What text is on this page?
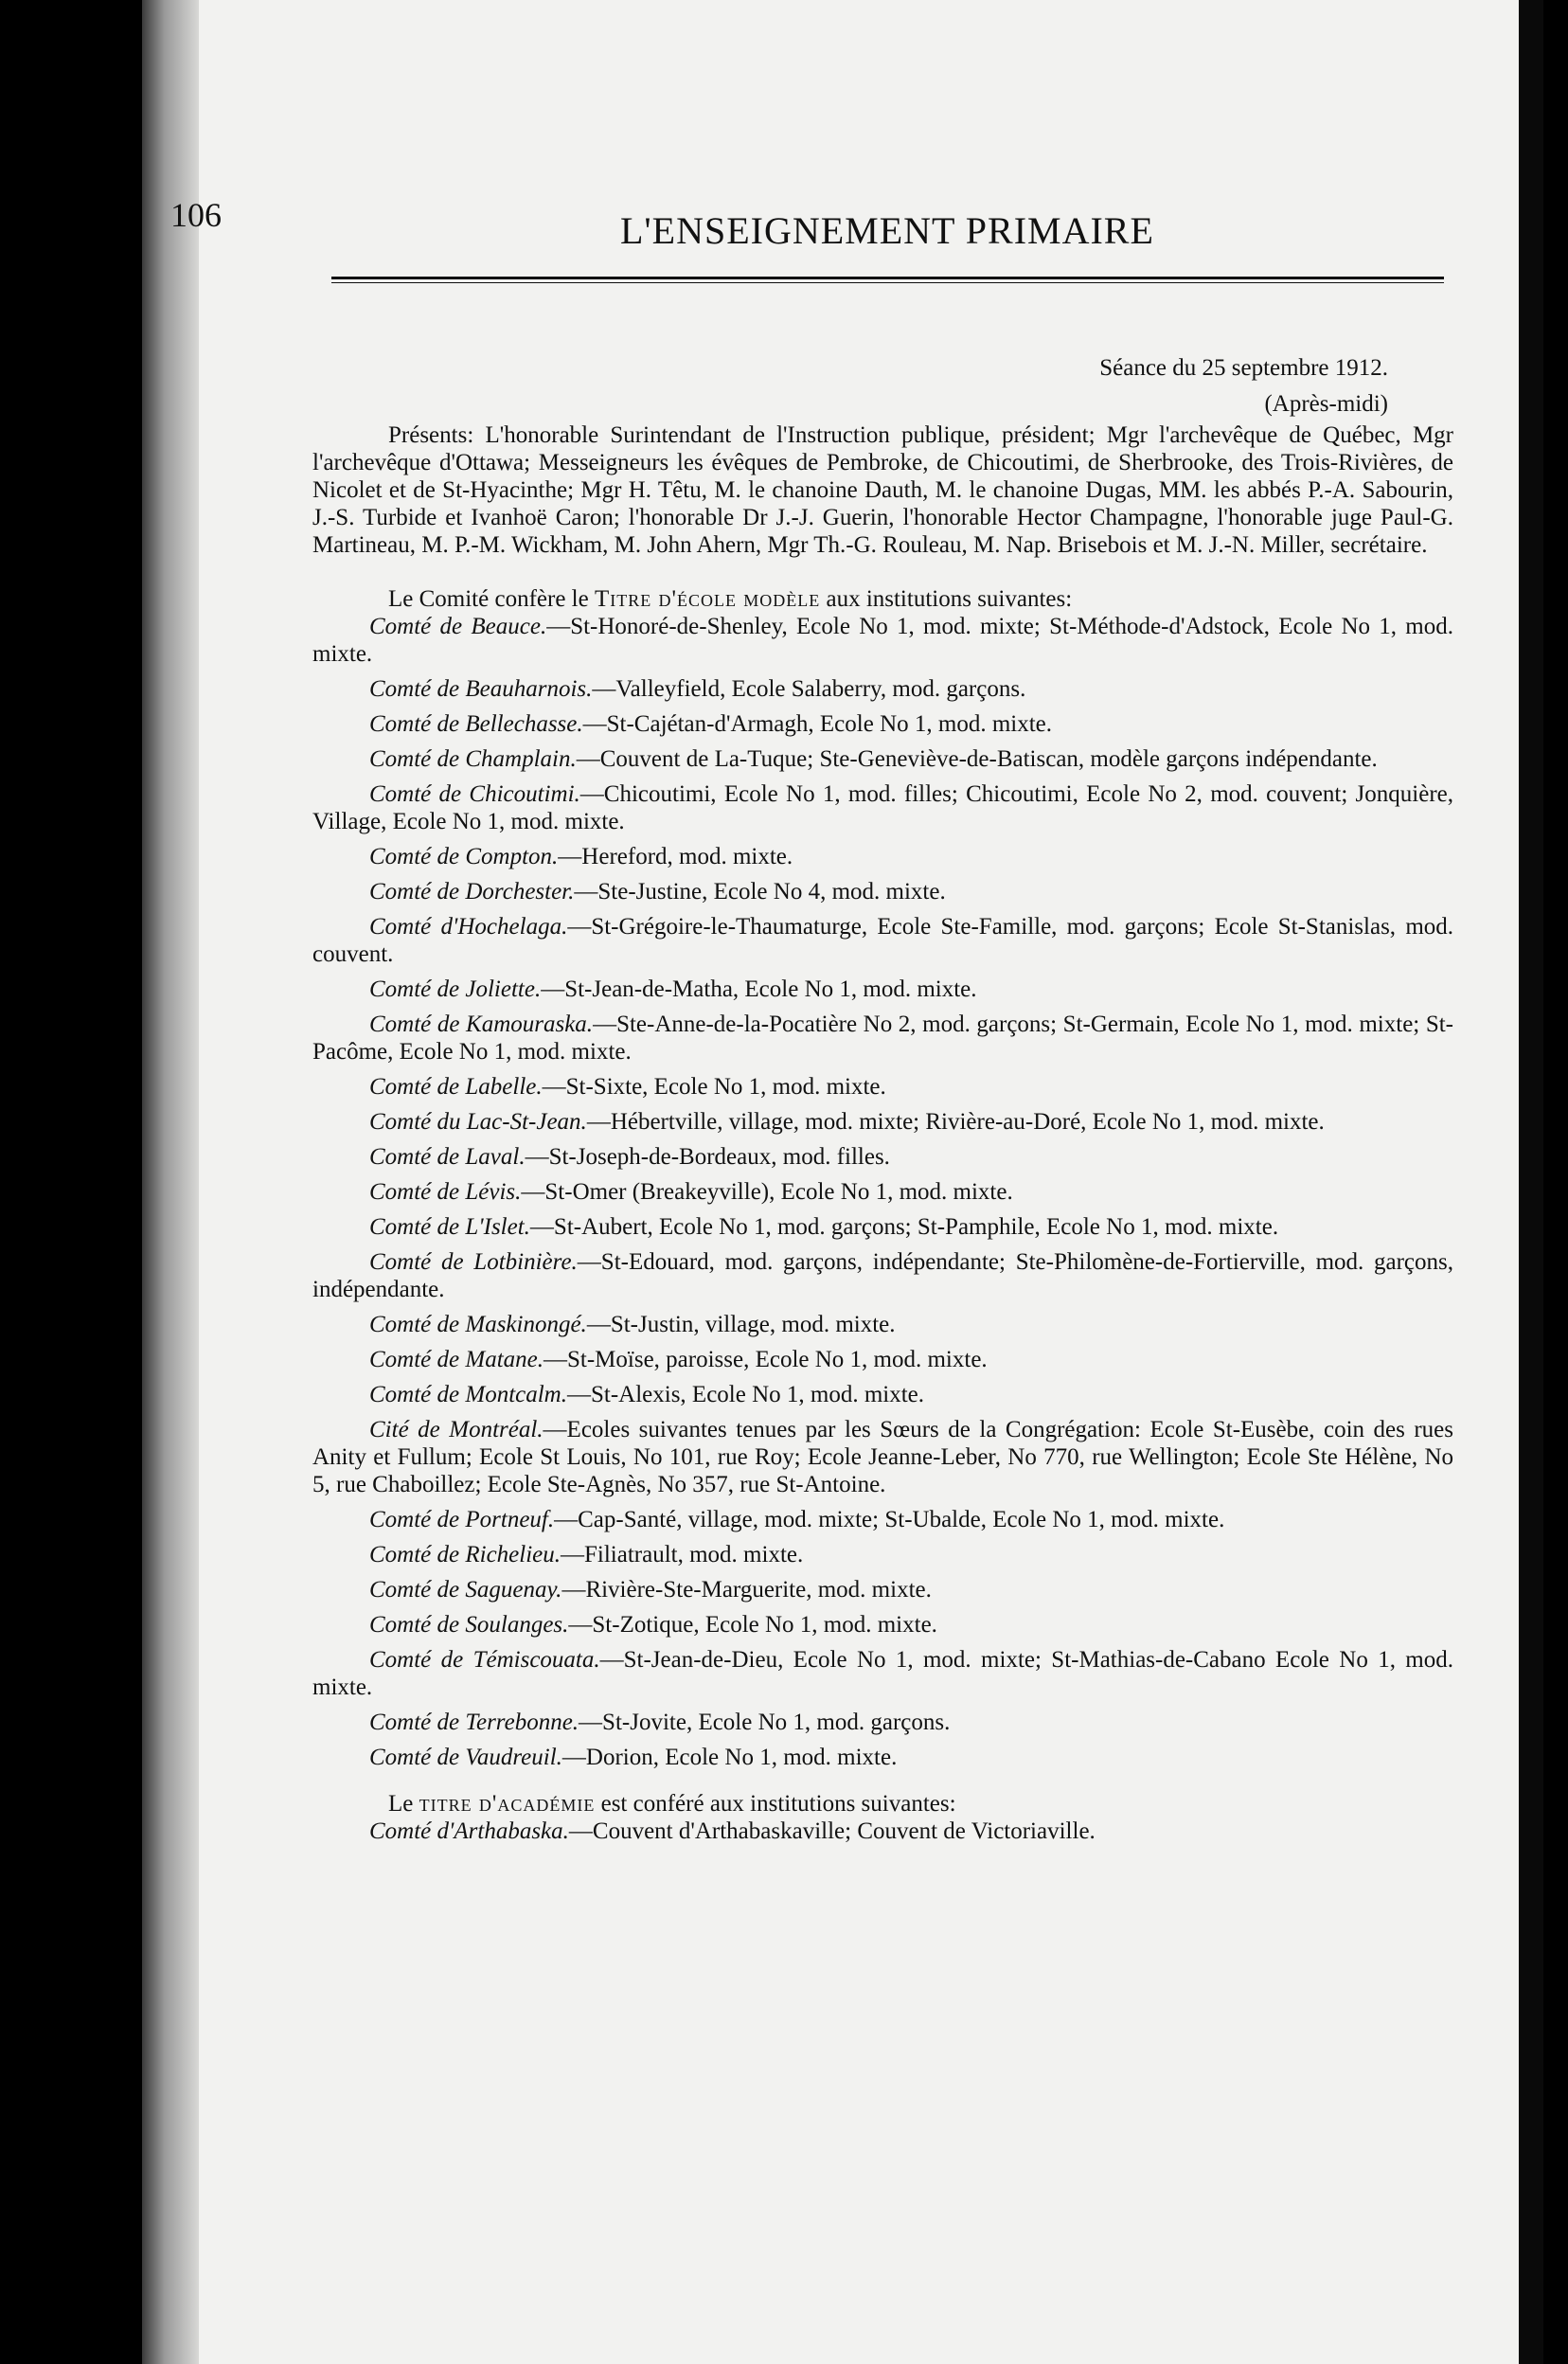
106	L'ENSEIGNEMENT PRIMAIRE
Séance du 25 septembre 1912.
(Après-midi)

Présents: L'honorable Surintendant de l'Instruction publique, président; Mgr l'archevêque de Québec, Mgr l'archevêque d'Ottawa; Messeigneurs les évêques de Pembroke, de Chicoutimi, de Sherbrooke, des Trois-Rivières, de Nicolet et de St-Hyacinthe; Mgr H. Têtu, M. le chanoine Dauth, M. le chanoine Dugas, MM. les abbés P.-A. Sabourin, J.-S. Turbide et Ivanhoë Caron; l'honorable Dr J.-J. Guerin, l'honorable Hector Champagne, l'honorable juge Paul-G. Martineau, M. P.-M. Wickham, M. John Ahern, Mgr Th.-G. Rouleau, M. Nap. Brisebois et M. J.-N. Miller, secrétaire.

Le Comité confère le Titre d'école modèle aux institutions suivantes:

Comté de Beauce.—St-Honoré-de-Shenley, Ecole No 1, mod. mixte; St-Méthode-d'Adstock, Ecole No 1, mod. mixte.

Comté de Beauharnois.—Valleyfield, Ecole Salaberry, mod. garçons.

Comté de Bellechasse.—St-Cajétan-d'Armagh, Ecole No 1, mod. mixte.

Comté de Champlain.—Couvent de La-Tuque; Ste-Geneviève-de-Batiscan, modèle garçons indépendante.

Comté de Chicoutimi.—Chicoutimi, Ecole No 1, mod. filles; Chicoutimi, Ecole No 2, mod. couvent; Jonquière, Village, Ecole No 1, mod. mixte.

Comté de Compton.—Hereford, mod. mixte.

Comté de Dorchester.—Ste-Justine, Ecole No 4, mod. mixte.

Comté d'Hochelaga.—St-Grégoire-le-Thaumaturge, Ecole Ste-Famille, mod. garçons; Ecole St-Stanislas, mod. couvent.

Comté de Joliette.—St-Jean-de-Matha, Ecole No 1, mod. mixte.

Comté de Kamouraska.—Ste-Anne-de-la-Pocatière No 2, mod. garçons; St-Germain, Ecole No 1, mod. mixte; St-Pacôme, Ecole No 1, mod. mixte.

Comté de Labelle.—St-Sixte, Ecole No 1, mod. mixte.

Comté du Lac-St-Jean.—Hébertville, village, mod. mixte; Rivière-au-Doré, Ecole No 1, mod. mixte.

Comté de Laval.—St-Joseph-de-Bordeaux, mod. filles.

Comté de Lévis.—St-Omer (Breakeyville), Ecole No 1, mod. mixte.

Comté de L'Islet.—St-Aubert, Ecole No 1, mod. garçons; St-Pamphile, Ecole No 1, mod. mixte.

Comté de Lotbinière.—St-Edouard, mod. garçons, indépendante; Ste-Philomène-de-Fortierville, mod. garçons, indépendante.

Comté de Maskinongé.—St-Justin, village, mod. mixte.

Comté de Matane.—St-Moïse, paroisse, Ecole No 1, mod. mixte.

Comté de Montcalm.—St-Alexis, Ecole No 1, mod. mixte.

Cité de Montréal.—Ecoles suivantes tenues par les Sœurs de la Congrégation: Ecole St-Eusèbe, coin des rues Anity et Fullum; Ecole St Louis, No 101, rue Roy; Ecole Jeanne-Leber, No 770, rue Wellington; Ecole Ste Hélène, No 5, rue Chaboillez; Ecole Ste-Agnès, No 357, rue St-Antoine.

Comté de Portneuf.—Cap-Santé, village, mod. mixte; St-Ubalde, Ecole No 1, mod. mixte.

Comté de Richelieu.—Filiatrault, mod. mixte.

Comté de Saguenay.—Rivière-Ste-Marguerite, mod. mixte.

Comté de Soulanges.—St-Zotique, Ecole No 1, mod. mixte.

Comté de Témiscouata.—St-Jean-de-Dieu, Ecole No 1, mod. mixte; St-Mathias-de-Cabano Ecole No 1, mod. mixte.

Comté de Terrebonne.—St-Jovite, Ecole No 1, mod. garçons.

Comté de Vaudreuil.—Dorion, Ecole No 1, mod. mixte.

Le titre d'académie est conféré aux institutions suivantes:

Comté d'Arthabaska.—Couvent d'Arthabaskaville; Couvent de Victoriaville.
